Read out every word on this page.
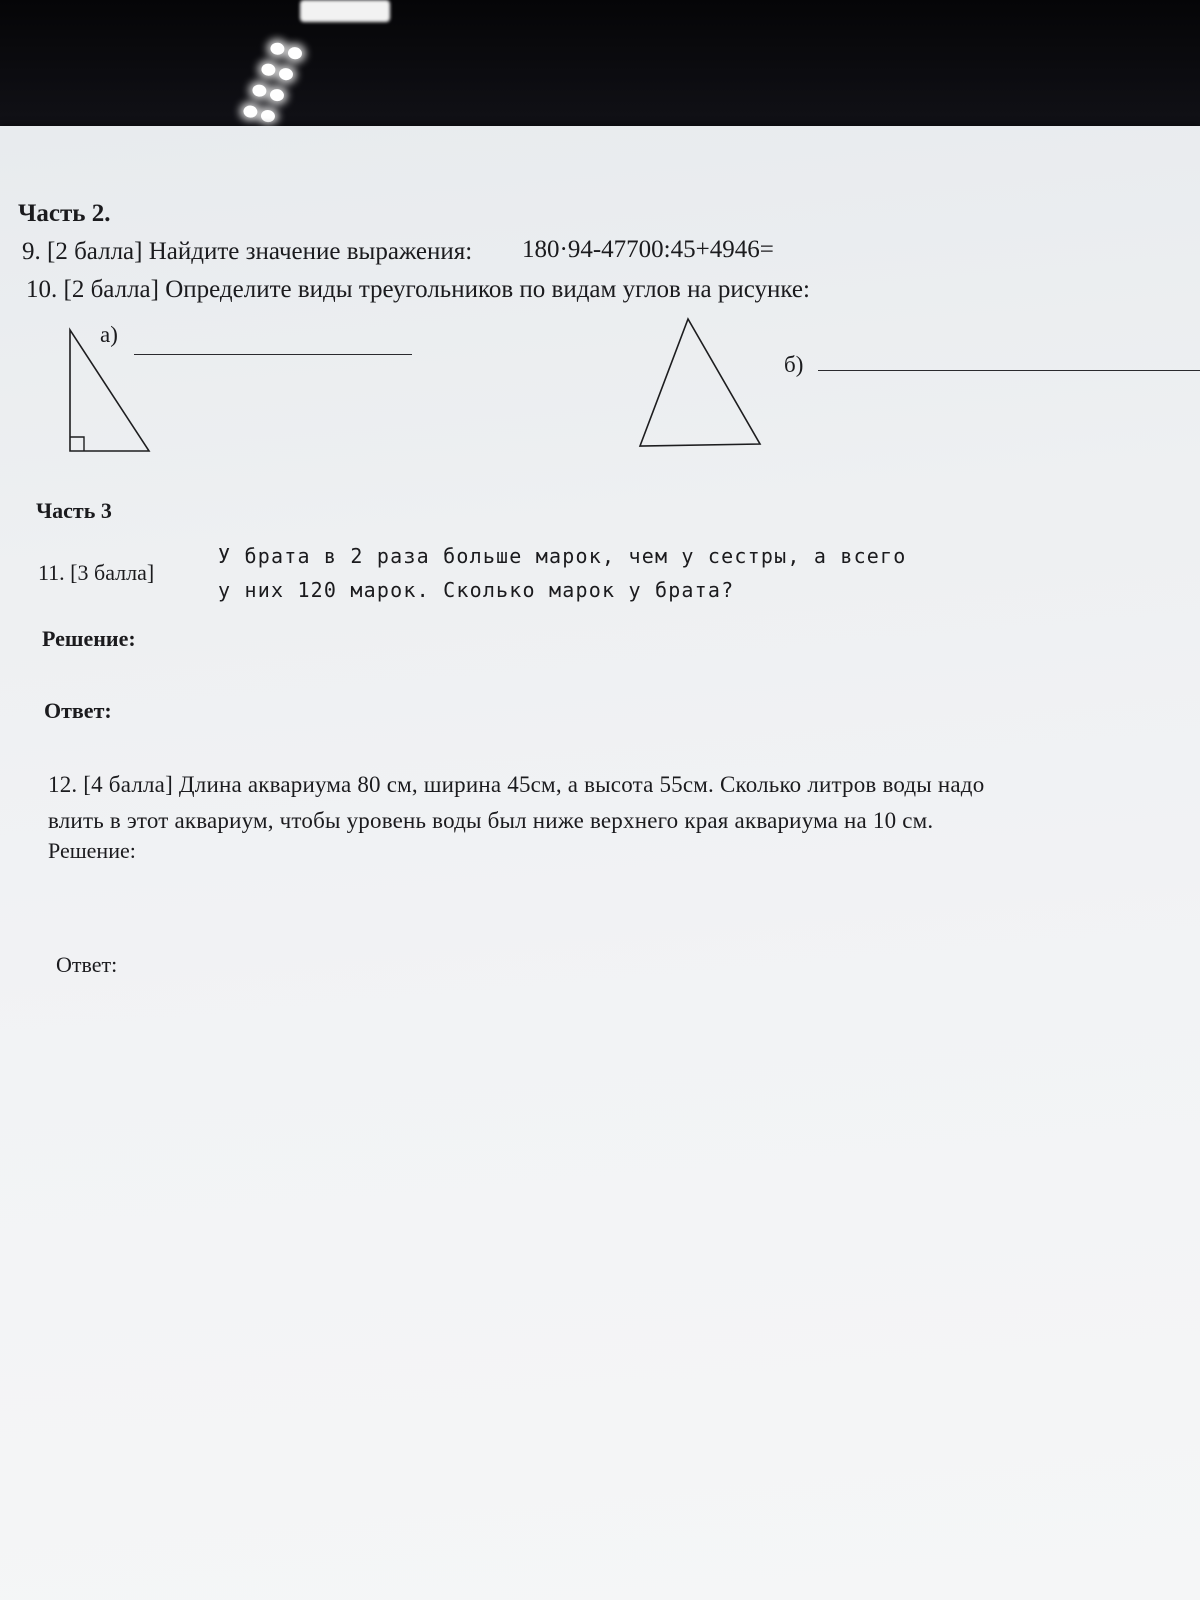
Часть 2.
9. [2 балла] Найдите значение выражения: 180·94-47700:45+4946=
10. [2 балла] Определите виды треугольников по видам углов на рисунке:
а)
б)
Часть 3
11. [3 балла]
У брата в 2 раза больше марок, чем у сестры, а всего
у них 120 марок. Сколько марок у брата?
Решение:
Ответ:
12. [4 балла] Длина аквариума 80 см, ширина 45см, а высота 55см. Сколько литров воды надо
влить в этот аквариум, чтобы уровень воды был ниже верхнего края аквариума на 10 см.
Решение:
Ответ:
